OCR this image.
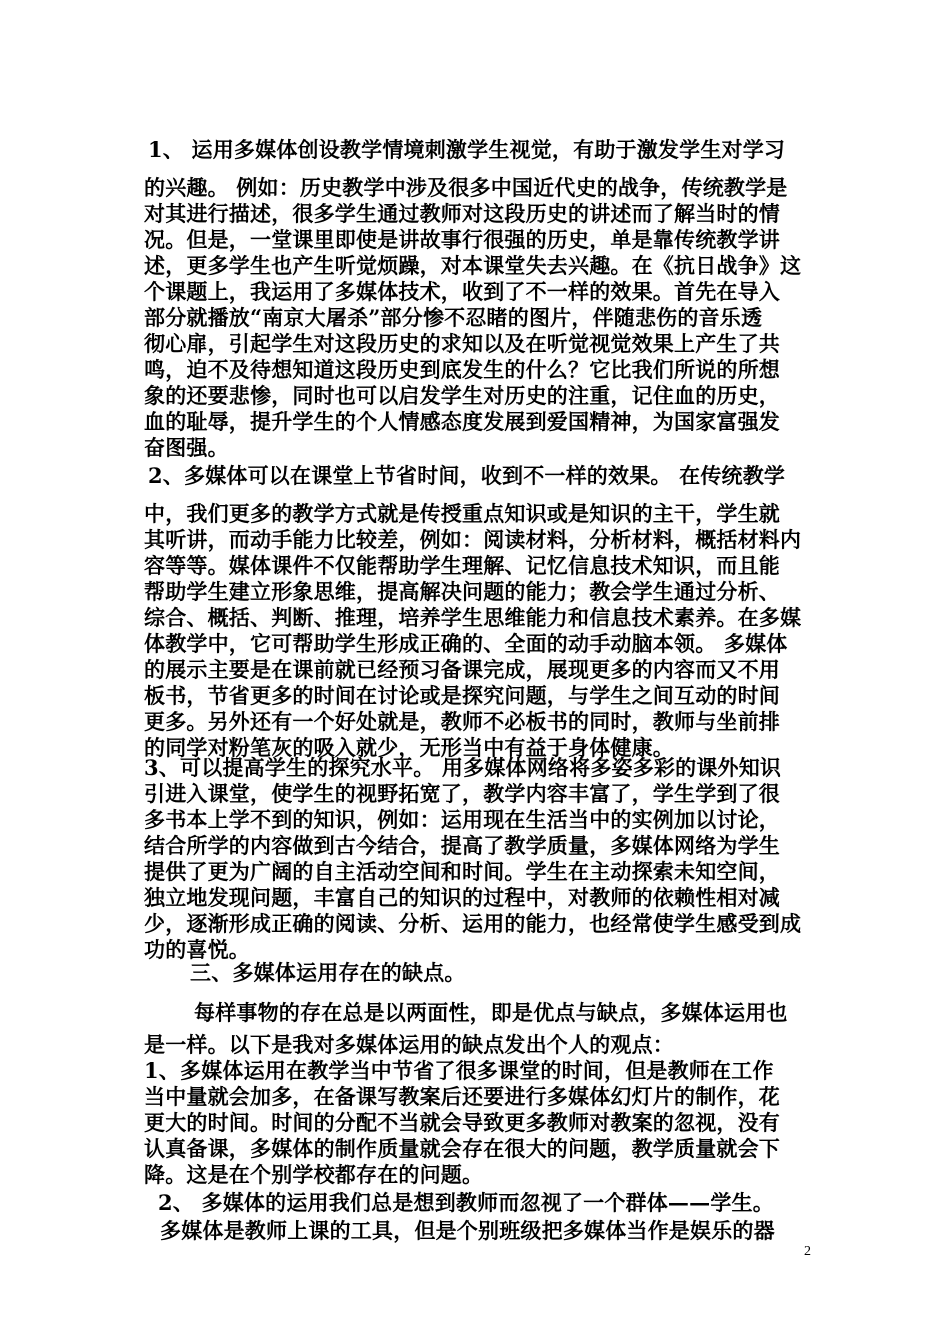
1、 运用多媒体创设教学情境刺激学生视觉，有助于激发学生对学习
的兴趣。 例如：历史教学中涉及很多中国近代史的战争，传统教学是
对其进行描述，很多学生通过教师对这段历史的讲述而了解当时的情
况。但是，一堂课里即使是讲故事行很强的历史，单是靠传统教学讲
述，更多学生也产生听觉烦躁，对本课堂失去兴趣。在《抗日战争》这
个课题上，我运用了多媒体技术，收到了不一样的效果。首先在导入
部分就播放“南京大屠杀”部分惨不忍睹的图片，伴随悲伤的音乐透
彻心扉，引起学生对这段历史的求知以及在听觉视觉效果上产生了共
鸣，迫不及待想知道这段历史到底发生的什么？它比我们所说的所想
象的还要悲惨，同时也可以启发学生对历史的注重，记住血的历史，
血的耻辱，提升学生的个人情感态度发展到爱国精神，为国家富强发
奋图强。
2、多媒体可以在课堂上节省时间，收到不一样的效果。 在传统教学
中，我们更多的教学方式就是传授重点知识或是知识的主干，学生就
其听讲，而动手能力比较差，例如：阅读材料，分析材料，概括材料内
容等等。媒体课件不仅能帮助学生理解、记忆信息技术知识，而且能
帮助学生建立形象思维，提高解决问题的能力；教会学生通过分析、
综合、概括、判断、推理，培养学生思维能力和信息技术素养。在多媒
体教学中，它可帮助学生形成正确的、全面的动手动脑本领。 多媒体
的展示主要是在课前就已经预习备课完成，展现更多的内容而又不用
板书，节省更多的时间在讨论或是探究问题，与学生之间互动的时间
更多。另外还有一个好处就是，教师不必板书的同时，教师与坐前排
的同学对粉笔灰的吸入就少，无形当中有益于身体健康。
3、可以提高学生的探究水平。 用多媒体网络将多姿多彩的课外知识
引进入课堂，使学生的视野拓宽了，教学内容丰富了，学生学到了很
多书本上学不到的知识，例如：运用现在生活当中的实例加以讨论，
结合所学的内容做到古今结合，提高了教学质量，多媒体网络为学生
提供了更为广阔的自主活动空间和时间。学生在主动探索未知空间，
独立地发现问题，丰富自己的知识的过程中，对教师的依赖性相对减
少，逐渐形成正确的阅读、分析、运用的能力，也经常使学生感受到成
功的喜悦。
三、多媒体运用存在的缺点。
每样事物的存在总是以两面性，即是优点与缺点，多媒体运用也
是一样。以下是我对多媒体运用的缺点发出个人的观点：
1、多媒体运用在教学当中节省了很多课堂的时间，但是教师在工作
当中量就会加多，在备课写教案后还要进行多媒体幻灯片的制作，花
更大的时间。时间的分配不当就会导致更多教师对教案的忽视，没有
认真备课，多媒体的制作质量就会存在很大的问题，教学质量就会下
降。这是在个别学校都存在的问题。
2、 多媒体的运用我们总是想到教师而忽视了一个群体——学生。
多媒体是教师上课的工具，但是个别班级把多媒体当作是娱乐的器
2
